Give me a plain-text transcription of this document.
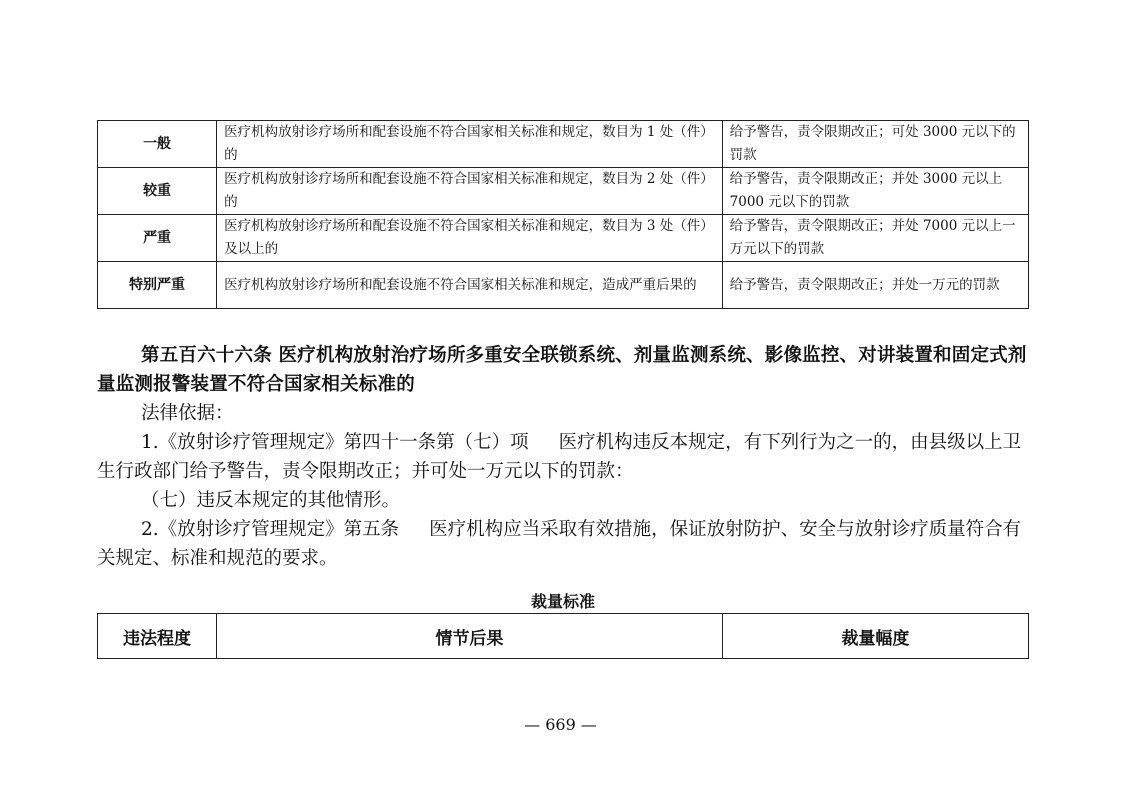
一般	医疗机构放射诊疗场所和配套设施不符合国家相关标准和规定，数目为 1 处（件）的	给予警告，责令限期改正；可处 3000 元以下的罚款
较重	医疗机构放射诊疗场所和配套设施不符合国家相关标准和规定，数目为 2 处（件）的	给予警告，责令限期改正；并处 3000 元以上 7000 元以下的罚款
严重	医疗机构放射诊疗场所和配套设施不符合国家相关标准和规定，数目为 3 处（件）及以上的	给予警告，责令限期改正；并处 7000 元以上一万元以下的罚款
特别严重	医疗机构放射诊疗场所和配套设施不符合国家相关标准和规定，造成严重后果的	给予警告，责令限期改正；并处一万元的罚款
第五百六十六条 医疗机构放射治疗场所多重安全联锁系统、剂量监测系统、影像监控、对讲装置和固定式剂量监测报警装置不符合国家相关标准的
法律依据：
1.《放射诊疗管理规定》第四十一条第（七）项 医疗机构违反本规定，有下列行为之一的，由县级以上卫生行政部门给予警告，责令限期改正；并可处一万元以下的罚款：
（七）违反本规定的其他情形。
2.《放射诊疗管理规定》第五条 医疗机构应当采取有效措施，保证放射防护、安全与放射诊疗质量符合有关规定、标准和规范的要求。
裁量标准
违法程度	情节后果	裁量幅度
— 669 —
